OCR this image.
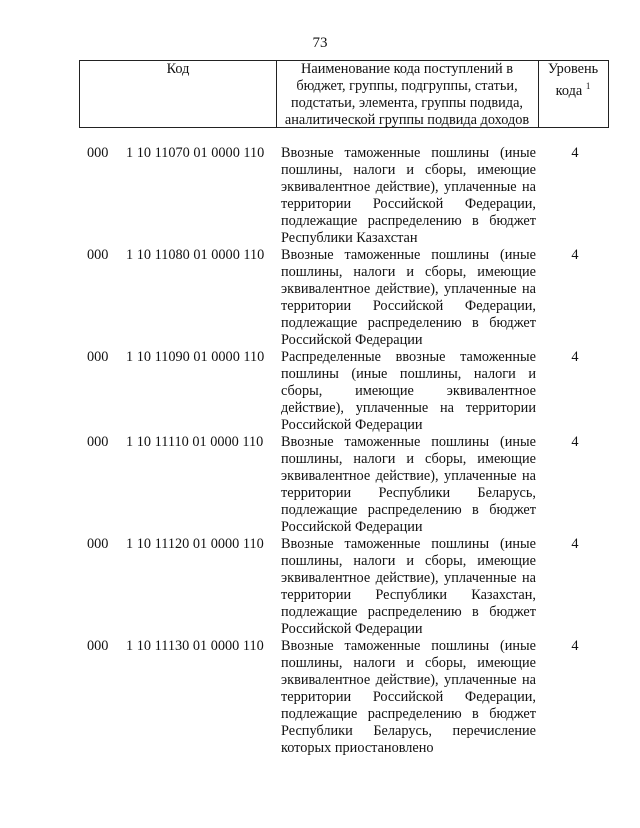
73
Код	Наименование кода поступлений в бюджет, группы, подгруппы, статьи, подстатьи, элемента, группы подвида, аналитической группы подвида доходов
Уровень кода $^1$
000 1 10 11070 01 0000 110 Ввозные таможенные пошлины (иные пошлины, налоги и сборы, имеющие эквивалентное действие), уплаченные на территории Российской Федерации, подлежащие распределению в бюджет Республики Казахстан
4
000 1 10 11080 01 0000 110 Ввозные таможенные пошлины (иные пошлины, налоги и сборы, имеющие эквивалентное действие), уплаченные на территории Российской Федерации, подлежащие распределению в бюджет Российской Федерации
4
000 1 10 11090 01 0000 110 Распределенные ввозные таможенные пошлины (иные пошлины, налоги и сборы, имеющие эквивалентное действие), уплаченные на территории Российской Федерации
4
000 1 10 11110 01 0000 110 Ввозные таможенные пошлины (иные пошлины, налоги и сборы, имеющие эквивалентное действие), уплаченные на территории Республики Беларусь, подлежащие распределению в бюджет Российской Федерации
4
000 1 10 11120 01 0000 110 Ввозные таможенные пошлины (иные пошлины, налоги и сборы, имеющие эквивалентное действие), уплаченные на территории Республики Казахстан, подлежащие распределению в бюджет Российской Федерации
4
000 1 10 11130 01 0000 110 Ввозные таможенные пошлины (иные пошлины, налоги и сборы, имеющие эквивалентное действие), уплаченные на территории Российской Федерации, подлежащие распределению в бюджет Республики Беларусь, перечисление которых приостановлено
4
